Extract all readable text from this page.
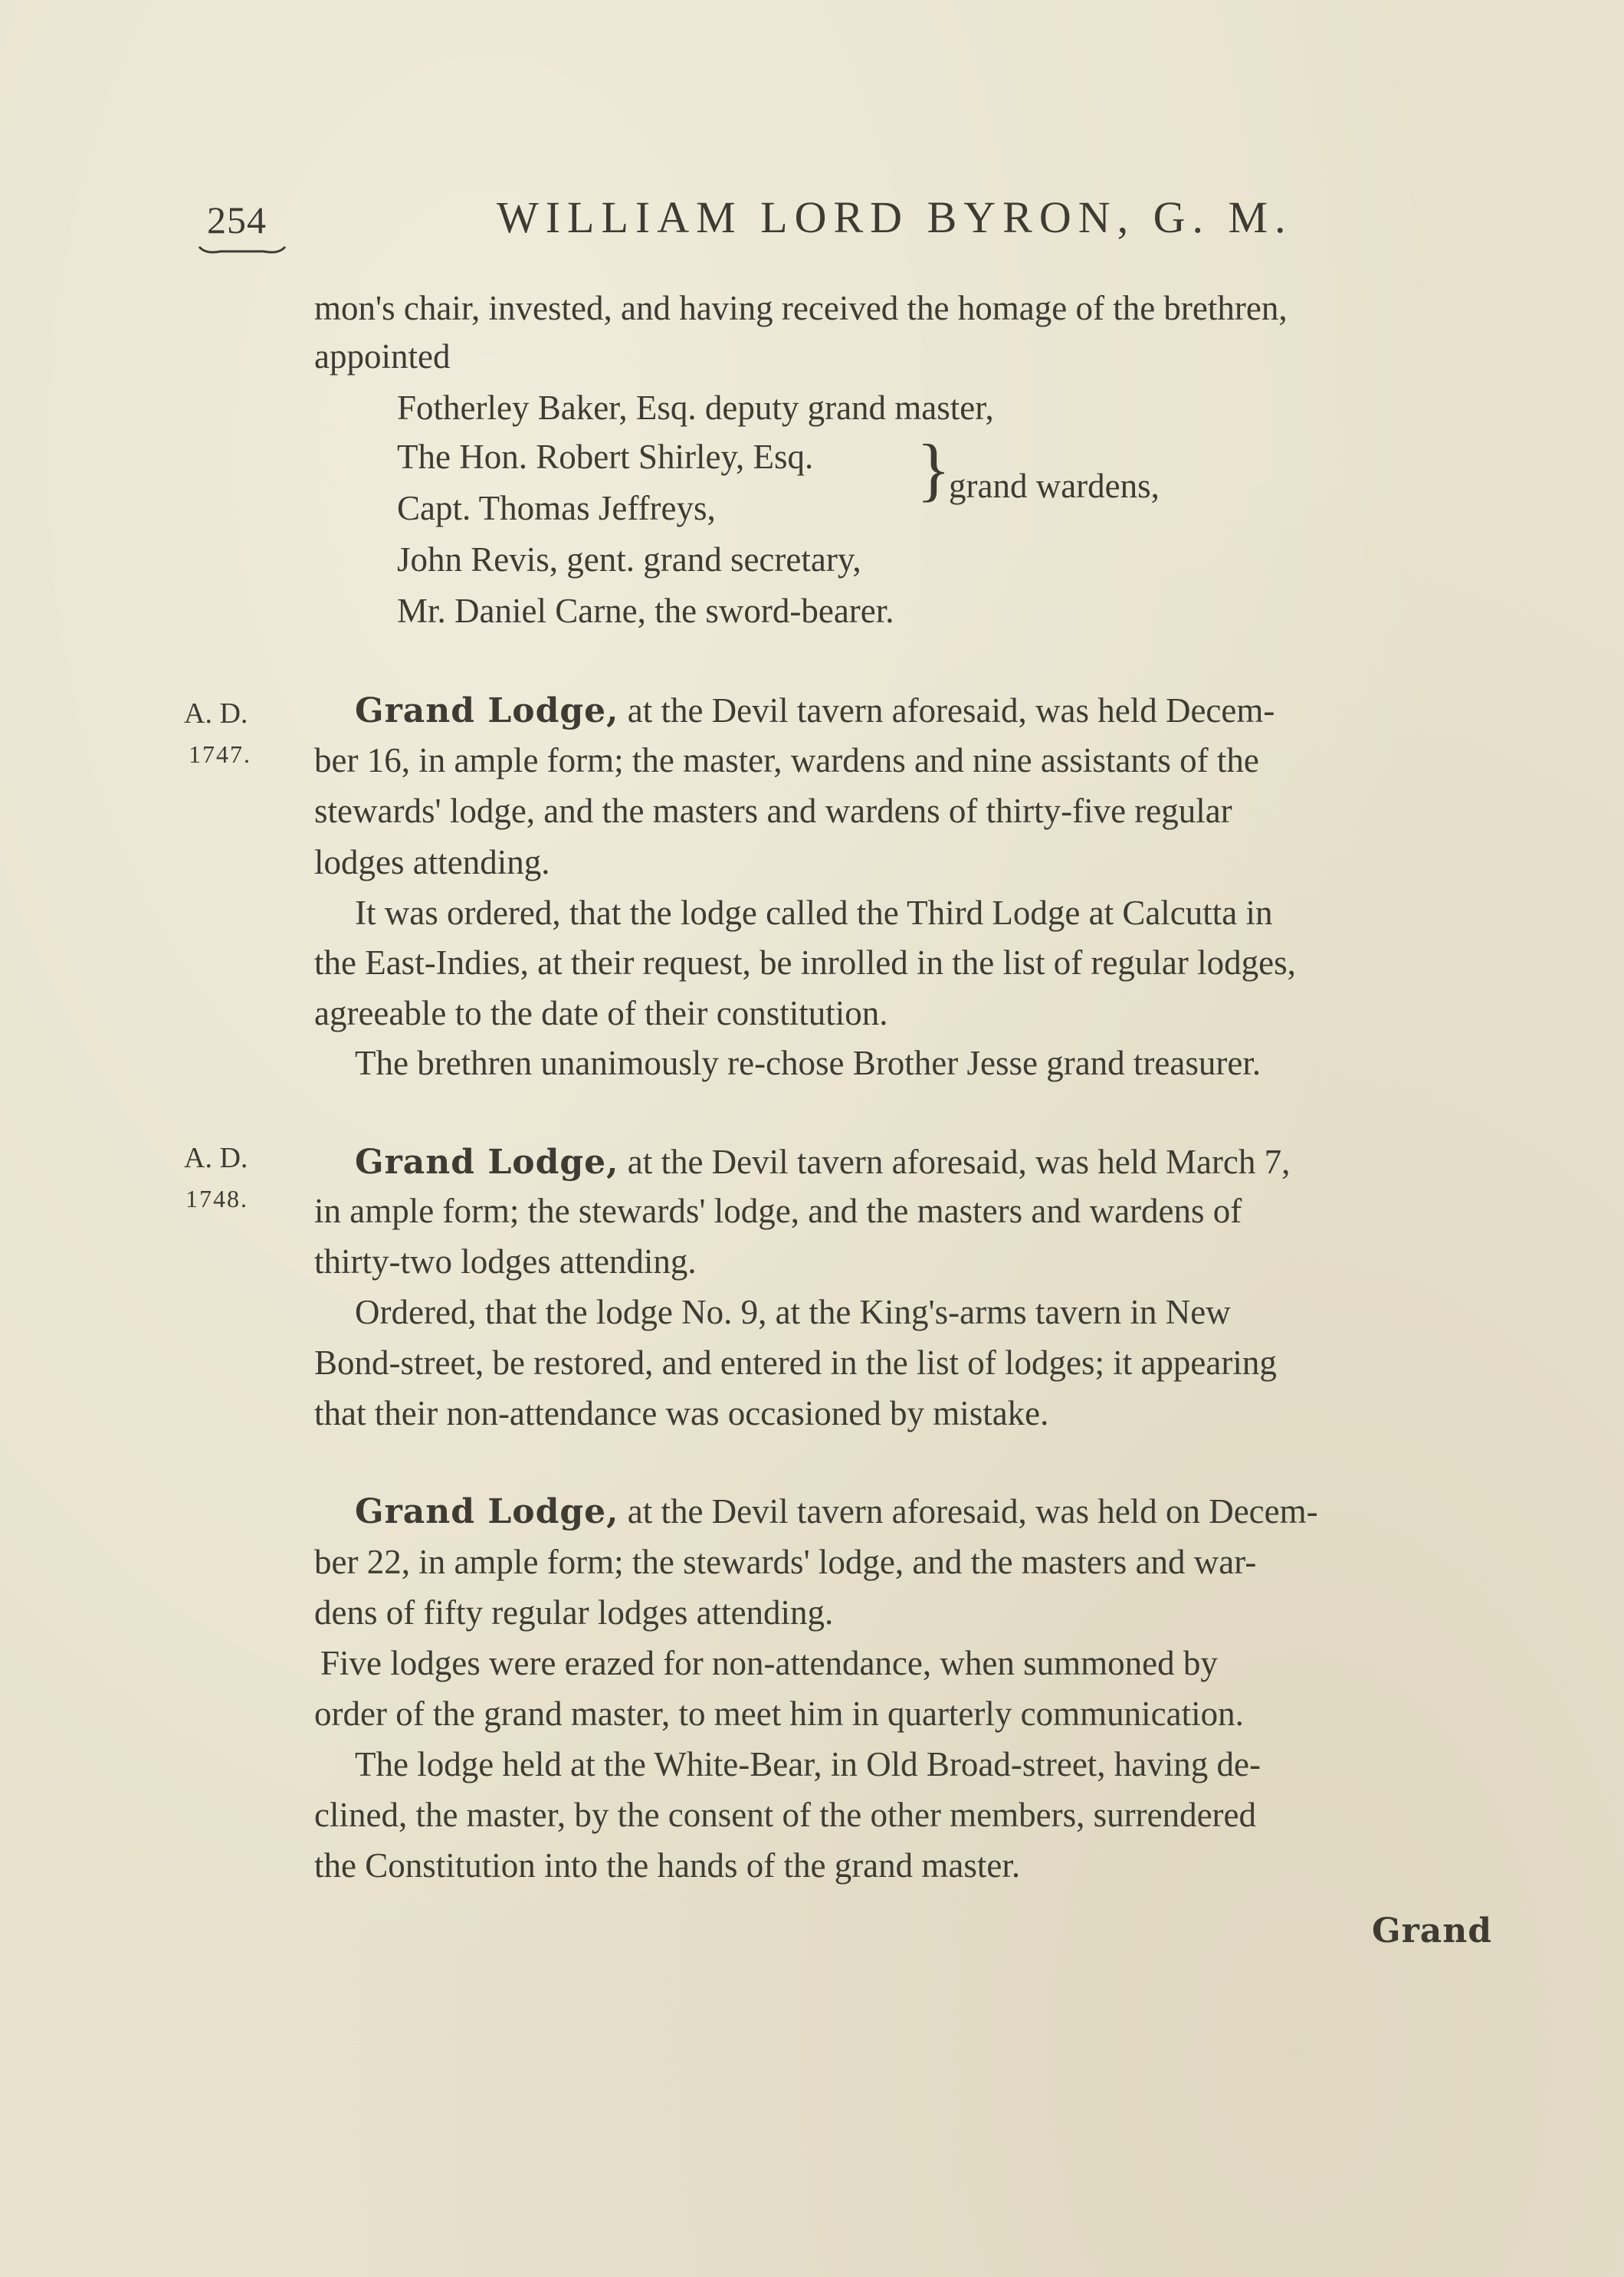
254	WILLIAM LORD BYRON, G. M.
mon's chair, invested, and having received the homage of the brethren,
appointed
Fotherley Baker, Esq. deputy grand master,
The Hon. Robert Shirley, Esq.
Capt. Thomas Jeffreys,	}
grand wardens,
John Revis, gent. grand secretary,
Mr. Daniel Carne, the sword-bearer.
A. D.
1747.
Grand Lodge, at the Devil tavern aforesaid, was held Decem-
ber 16, in ample form; the master, wardens and nine assistants of the
stewards' lodge, and the masters and wardens of thirty-five regular
lodges attending.
It was ordered, that the lodge called the Third Lodge at Calcutta in
the East-Indies, at their request, be inrolled in the list of regular lodges,
agreeable to the date of their constitution.
The brethren unanimously re-chose Brother Jesse grand treasurer.
A. D.
1748.
Grand Lodge, at the Devil tavern aforesaid, was held March 7,
in ample form; the stewards' lodge, and the masters and wardens of
thirty-two lodges attending.
Ordered, that the lodge No. 9, at the King's-arms tavern in New
Bond-street, be restored, and entered in the list of lodges; it appearing
that their non-attendance was occasioned by mistake.
Grand Lodge, at the Devil tavern aforesaid, was held on Decem-
ber 22, in ample form; the stewards' lodge, and the masters and war-
dens of fifty regular lodges attending.
Five lodges were erazed for non-attendance, when summoned by
order of the grand master, to meet him in quarterly communication.
The lodge held at the White-Bear, in Old Broad-street, having de-
clined, the master, by the consent of the other members, surrendered
the Constitution into the hands of the grand master.
Grand
